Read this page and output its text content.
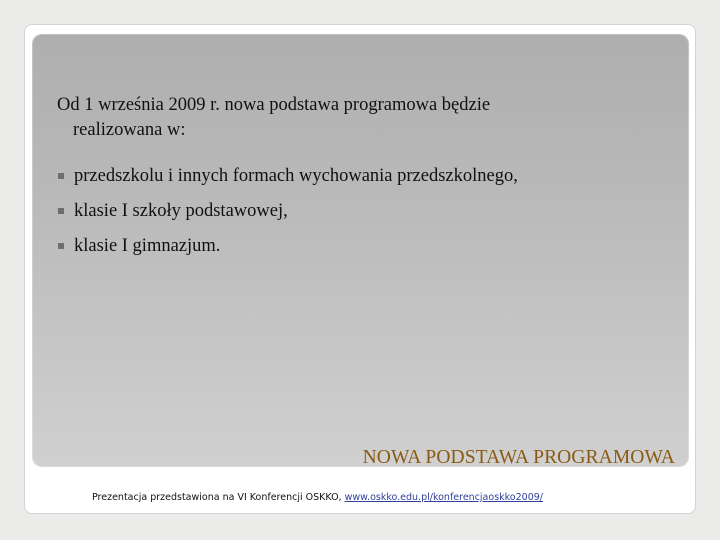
Od 1 września 2009 r. nowa podstawa programowa będzie
realizowana w:
przedszkolu i innych formach wychowania przedszkolnego,
klasie I szkoły podstawowej,
klasie I gimnazjum.
NOWA PODSTAWA PROGRAMOWA
Prezentacja przedstawiona na VI Konferencji OSKKO, www.oskko.edu.pl/konferencjaoskko2009/
